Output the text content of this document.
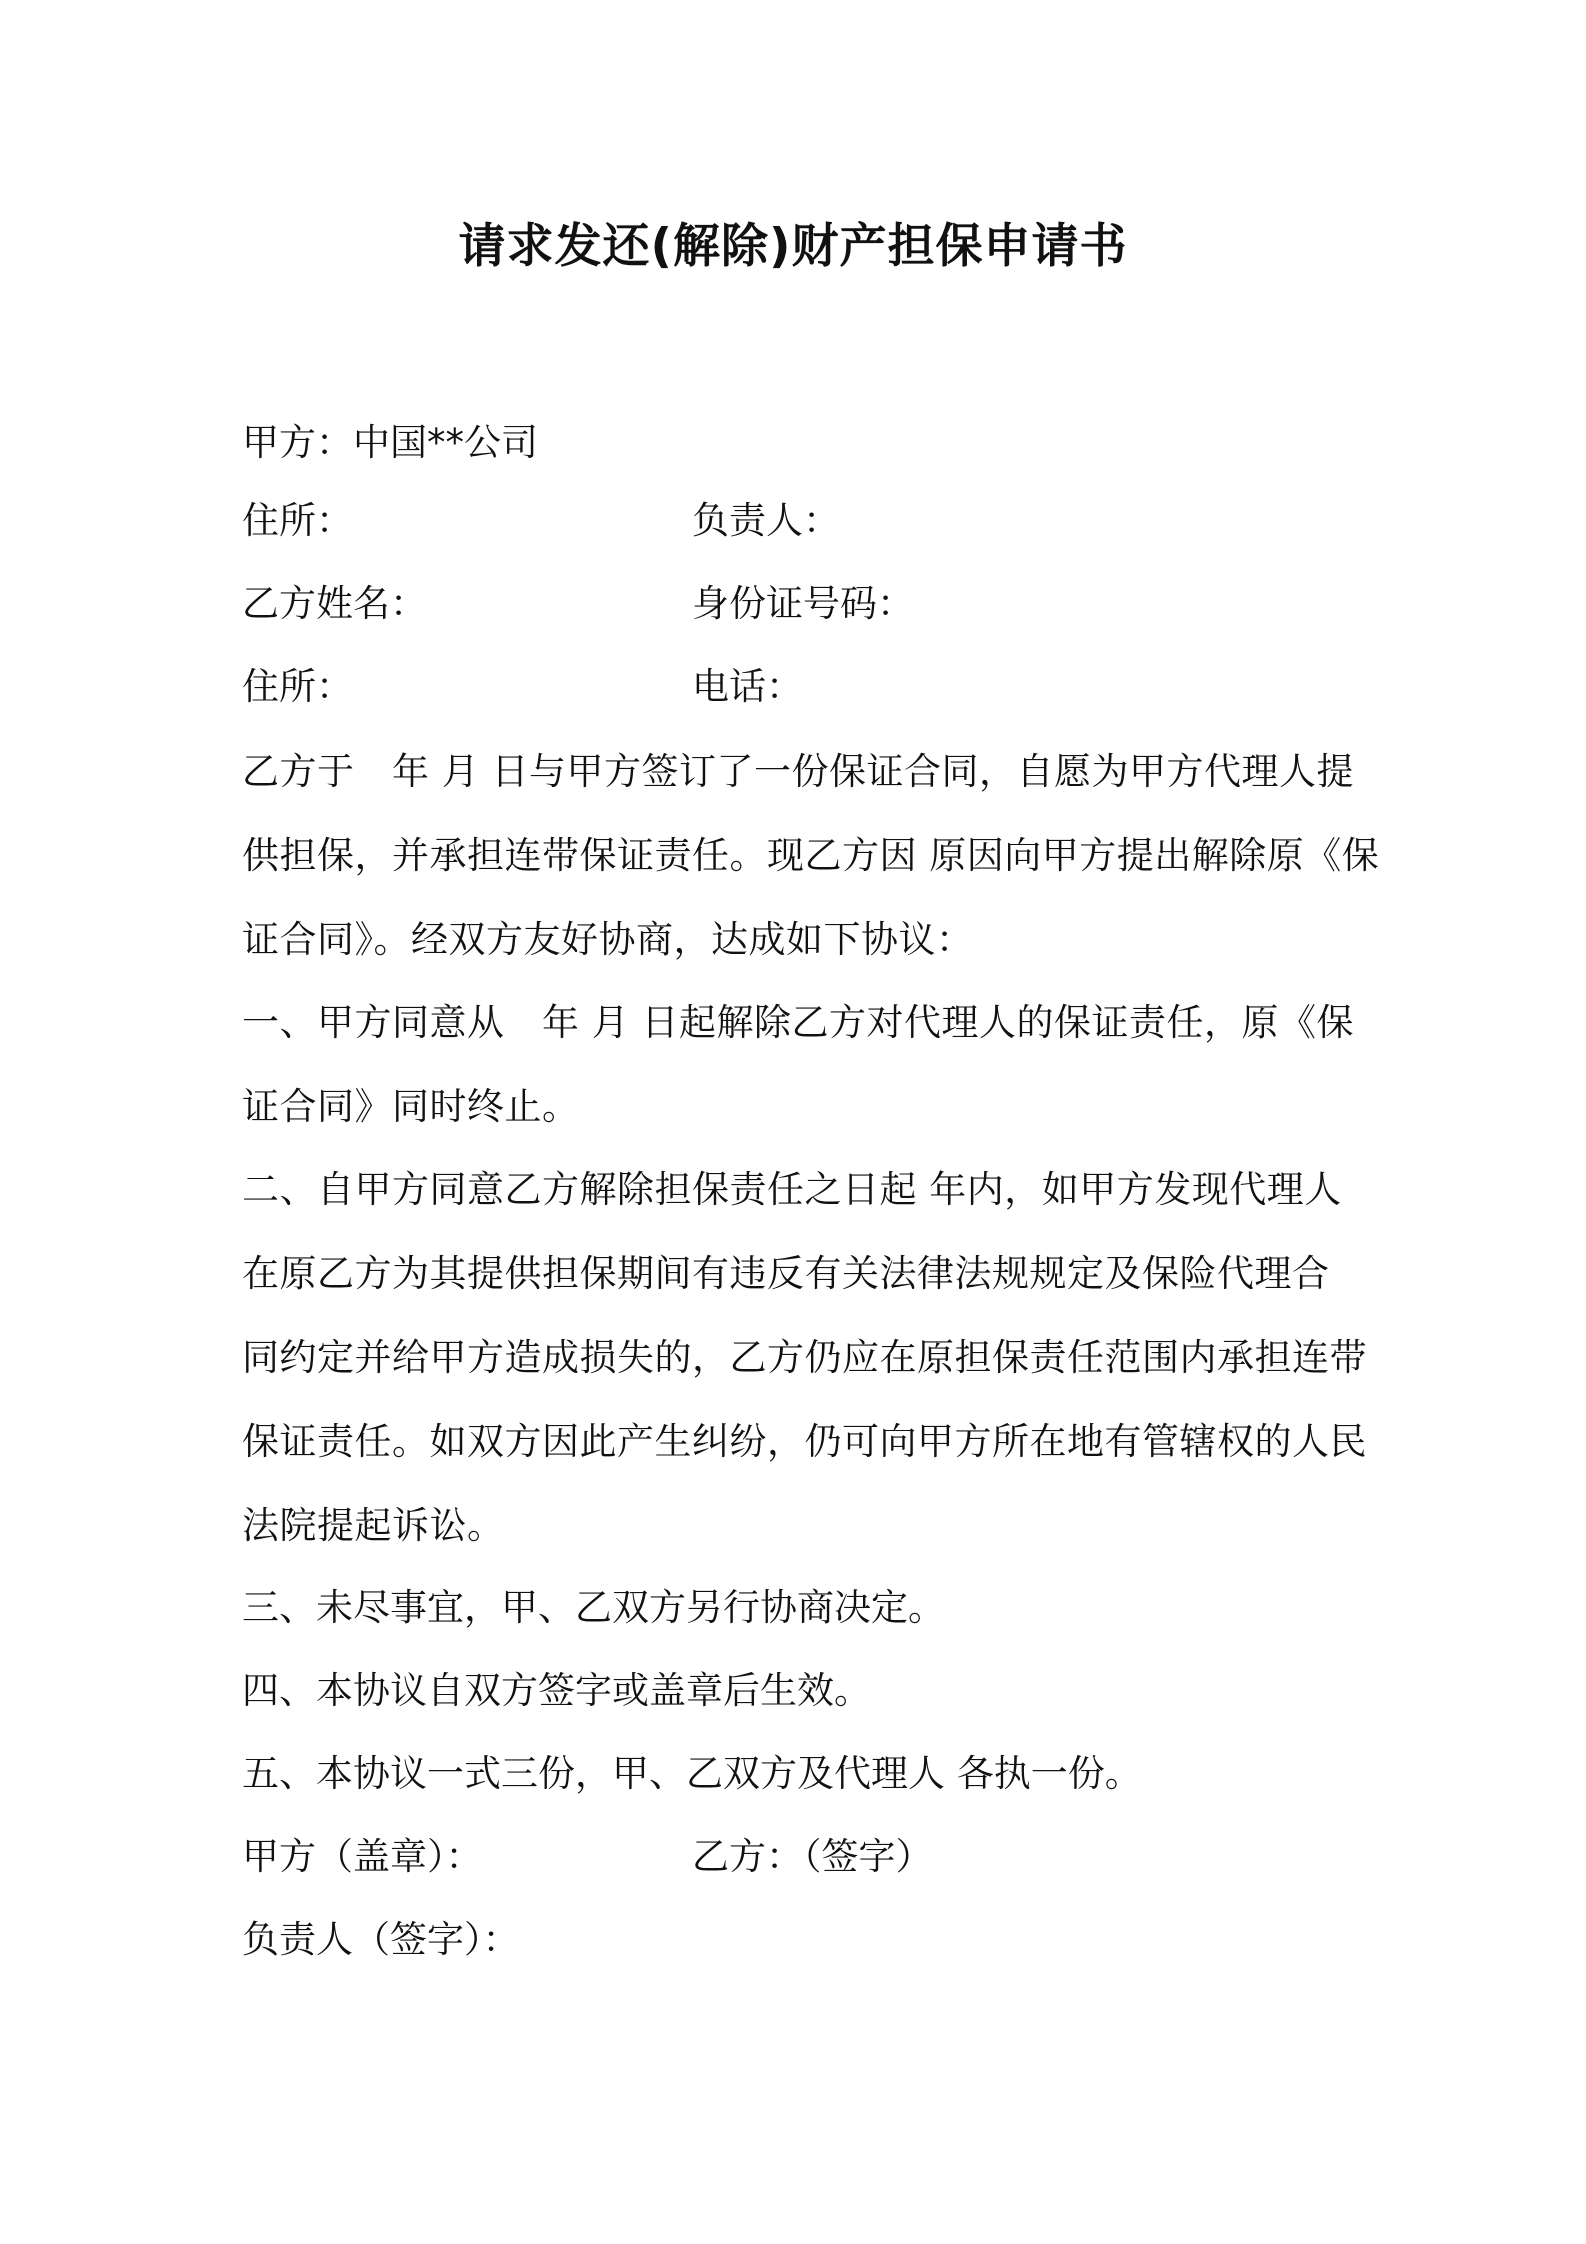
请求发还(解除)财产担保申请书
甲方：中国**公司
住所：	负责人：
乙方姓名：	身份证号码：
住所：	电话：
乙方于　年 月 日与甲方签订了一份保证合同，自愿为甲方代理人提
供担保，并承担连带保证责任。现乙方因 原因向甲方提出解除原《保
证合同》。经双方友好协商，达成如下协议：
一、甲方同意从　年 月 日起解除乙方对代理人的保证责任，原《保
证合同》同时终止。
二、自甲方同意乙方解除担保责任之日起 年内，如甲方发现代理人
在原乙方为其提供担保期间有违反有关法律法规规定及保险代理合
同约定并给甲方造成损失的，乙方仍应在原担保责任范围内承担连带
保证责任。如双方因此产生纠纷，仍可向甲方所在地有管辖权的人民
法院提起诉讼。
三、未尽事宜，甲、乙双方另行协商决定。
四、本协议自双方签字或盖章后生效。
五、本协议一式三份，甲、乙双方及代理人 各执一份。
甲方（盖章）：	乙方：（签字）
负责人（签字）：
